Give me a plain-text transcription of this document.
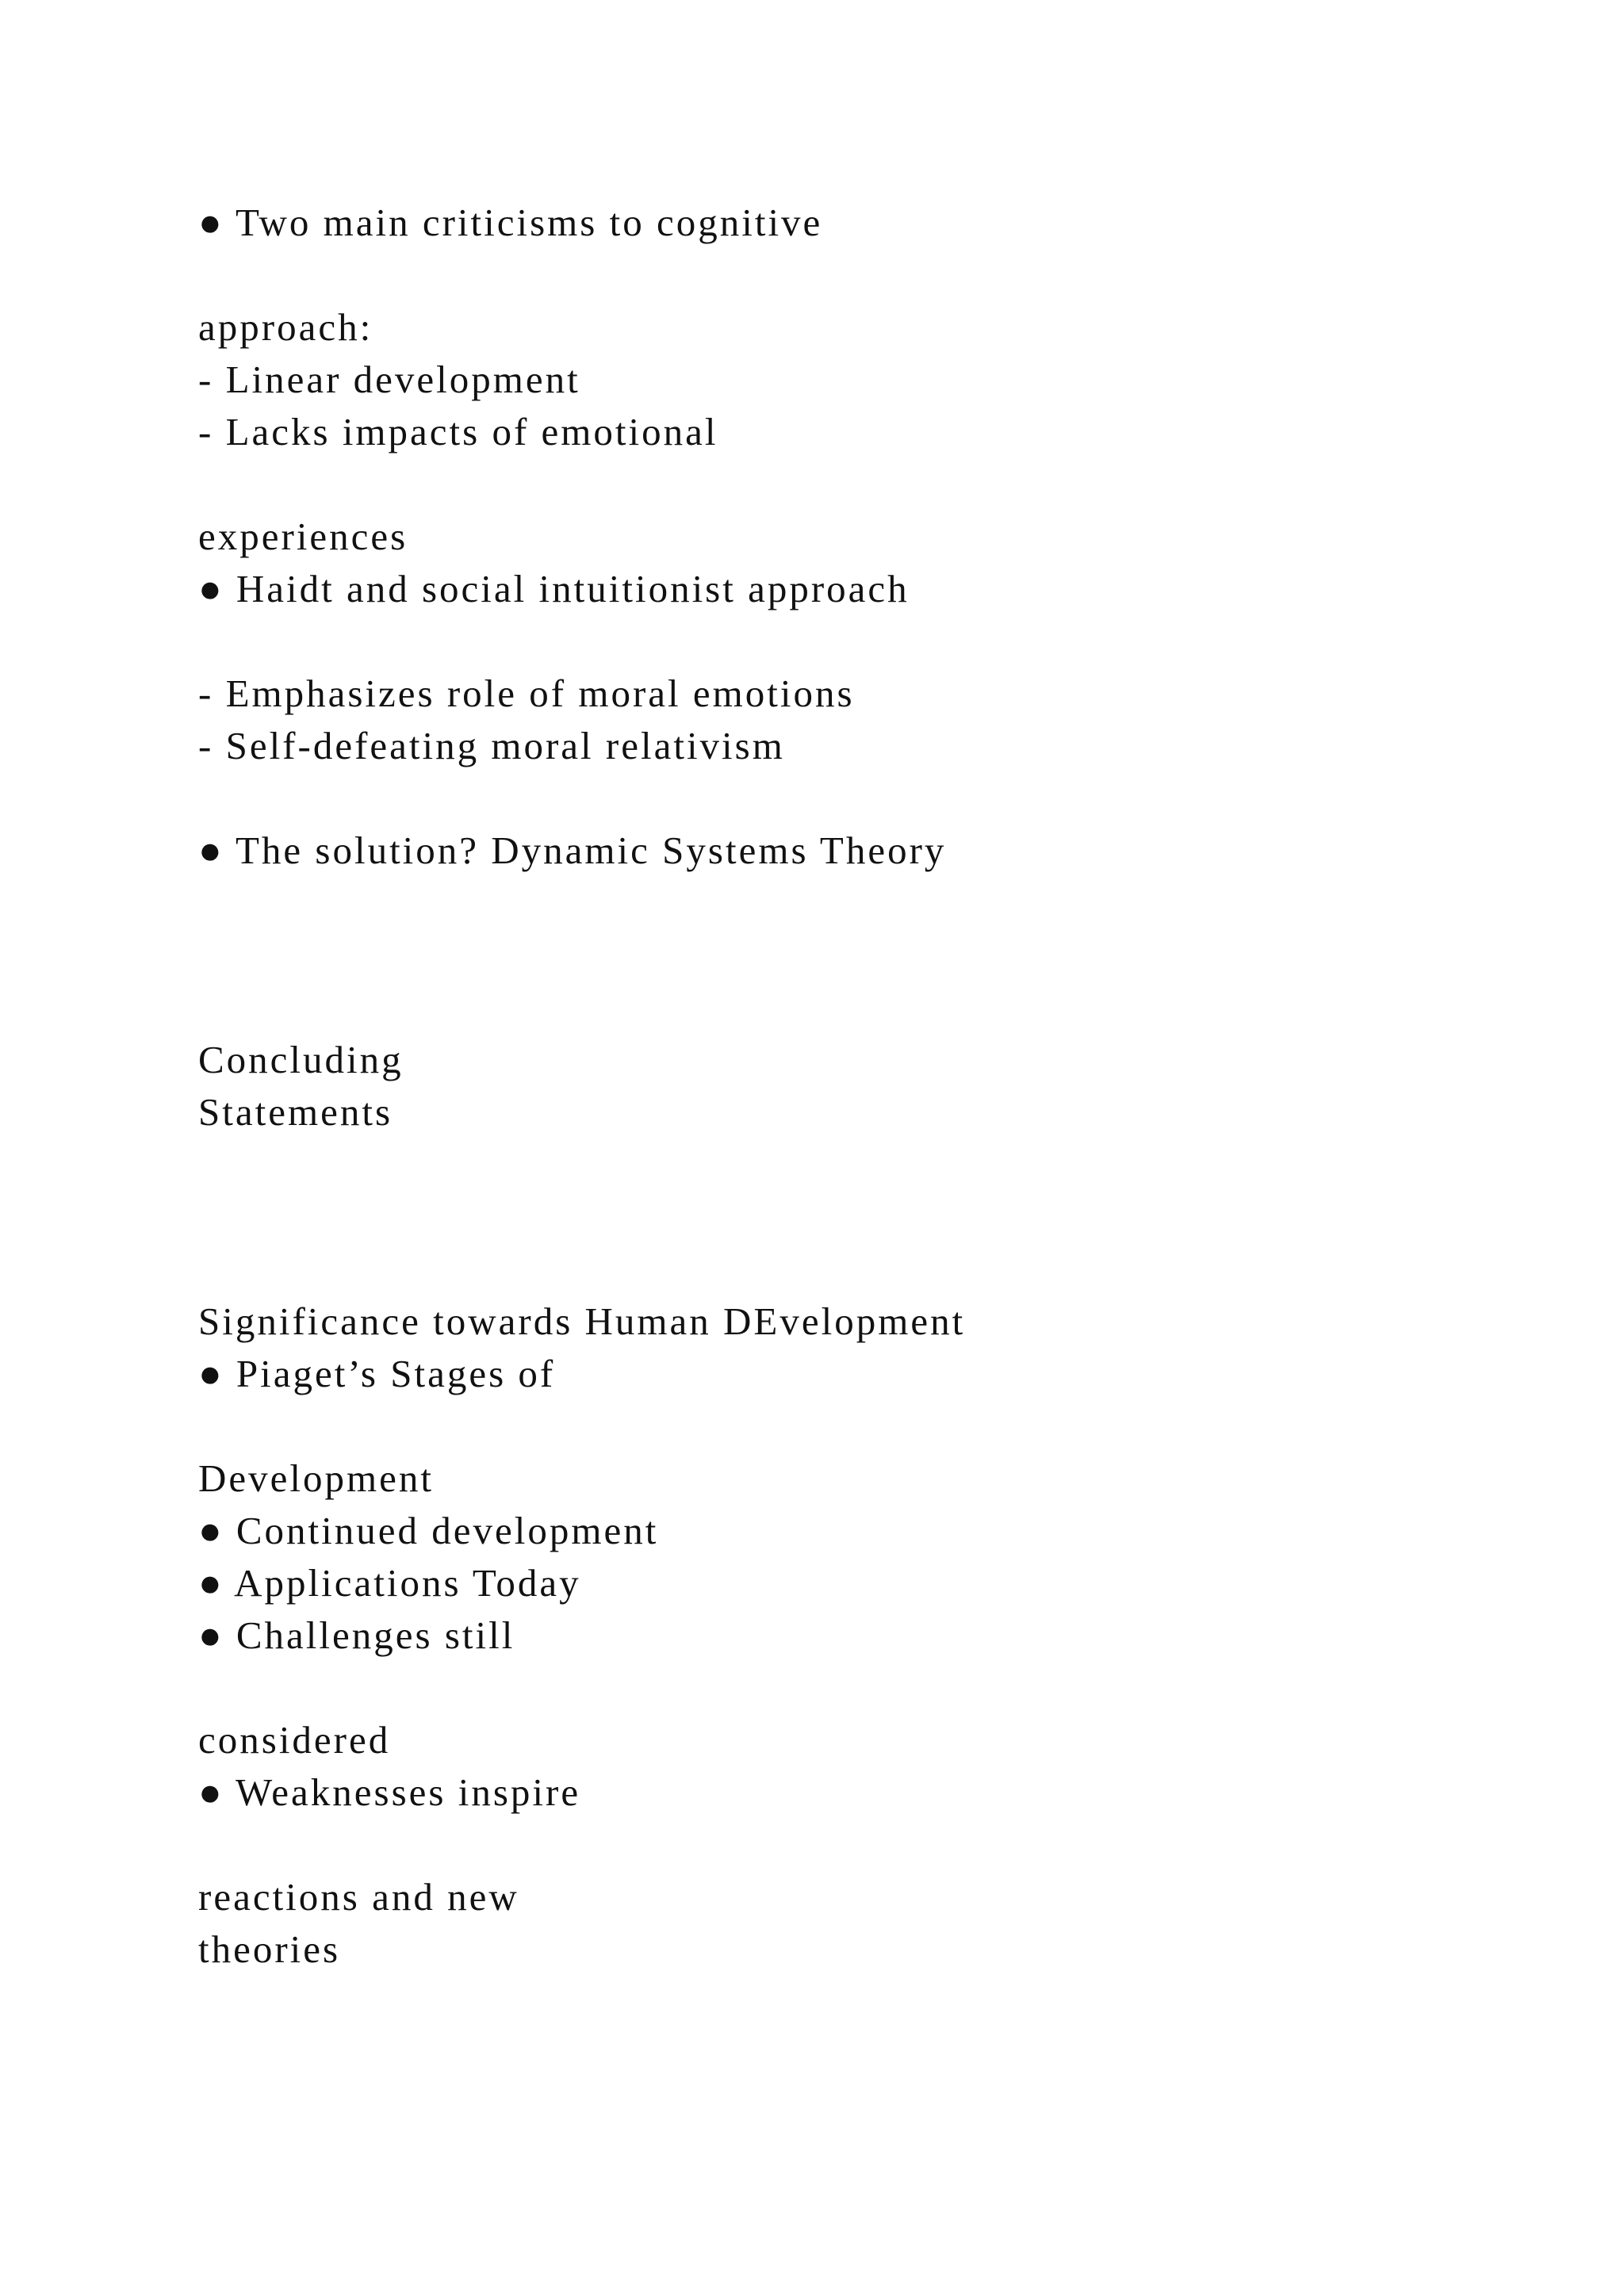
● Two main criticisms to cognitive

approach:

- Linear development

- Lacks impacts of emotional

experiences

● Haidt and social intuitionist approach

- Emphasizes role of moral emotions

- Self-defeating moral relativism

● The solution? Dynamic Systems Theory

Concluding

Statements

Significance towards Human DEvelopment

● Piaget’s Stages of

Development

● Continued development

● Applications Today

● Challenges still

considered

● Weaknesses inspire

reactions and new

theories
